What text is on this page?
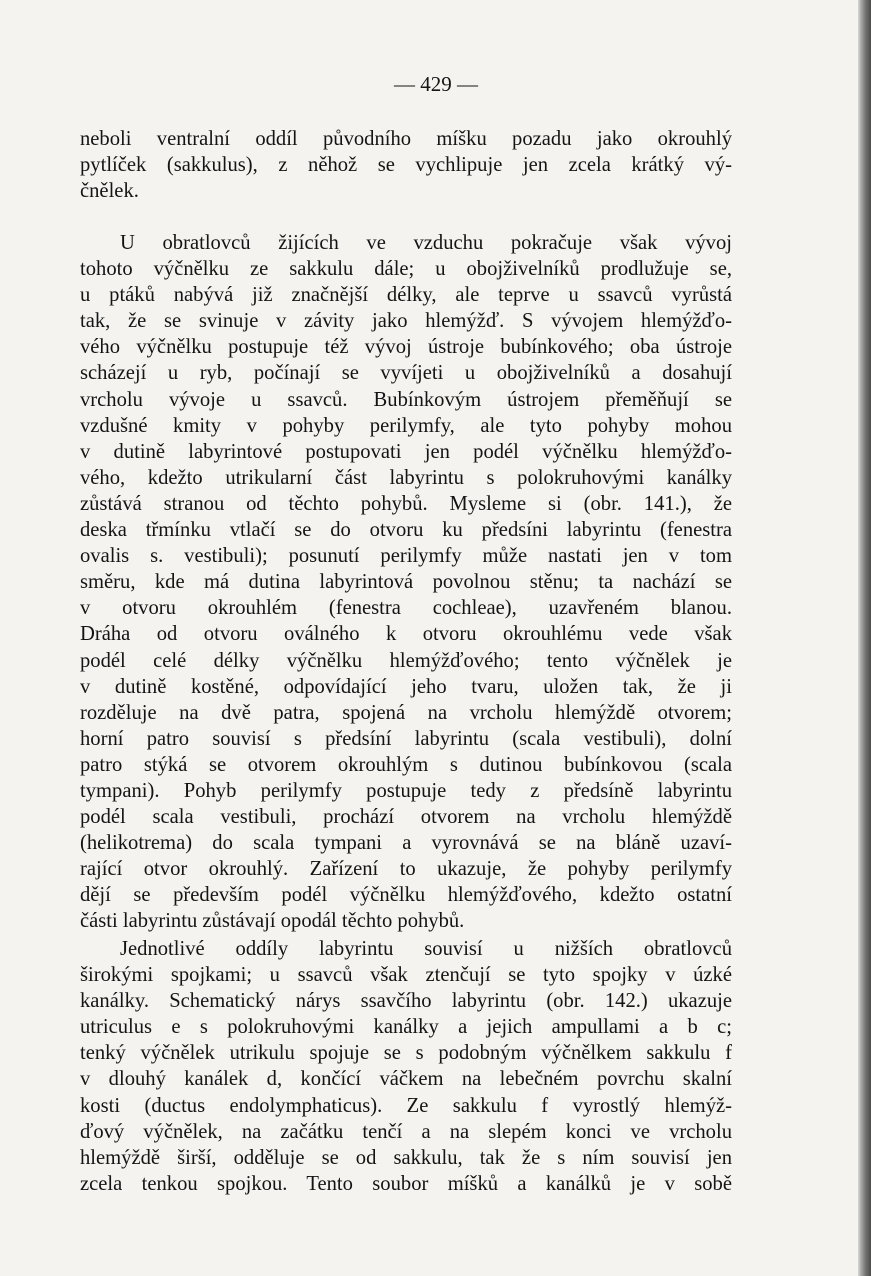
— 429 —
neboli ventralní oddíl původního míšku pozadu jako okrouhlý
pytlíček (sakkulus), z něhož se vychlipuje jen zcela krátký vý-
čnělek.
U obratlovců žijících ve vzduchu pokračuje však vývoj
tohoto výčnělku ze sakkulu dále; u obojživelníků prodlužuje se,
u ptáků nabývá již značnější délky, ale teprve u ssavců vyrůstá
tak, že se svinuje v závity jako hlemýžď. S vývojem hlemýžďo-
vého výčnělku postupuje též vývoj ústroje bubínkového; oba ústroje
scházejí u ryb, počínají se vyvíjeti u obojživelníků a dosahují
vrcholu vývoje u ssavců. Bubínkovým ústrojem přeměňují se
vzdušné kmity v pohyby perilymfy, ale tyto pohyby mohou
v dutině labyrintové postupovati jen podél výčnělku hlemýžďo-
vého, kdežto utrikularní část labyrintu s polokruhovými kanálky
zůstává stranou od těchto pohybů. Mysleme si (obr. 141.), že
deska třmínku vtlačí se do otvoru ku předsíni labyrintu (fenestra
ovalis s. vestibuli); posunutí perilymfy může nastati jen v tom
směru, kde má dutina labyrintová povolnou stěnu; ta nachází se
v otvoru okrouhlém (fenestra cochleae), uzavřeném blanou.
Dráha od otvoru oválného k otvoru okrouhlému vede však
podél celé délky výčnělku hlemýžďového; tento výčnělek je
v dutině kostěné, odpovídající jeho tvaru, uložen tak, že ji
rozděluje na dvě patra, spojená na vrcholu hlemýždě otvorem;
horní patro souvisí s předsíní labyrintu (scala vestibuli), dolní
patro stýká se otvorem okrouhlým s dutinou bubínkovou (scala
tympani). Pohyb perilymfy postupuje tedy z předsíně labyrintu
podél scala vestibuli, prochází otvorem na vrcholu hlemýždě
(helikotrema) do scala tympani a vyrovnává se na bláně uzaví-
rající otvor okrouhlý. Zařízení to ukazuje, že pohyby perilymfy
dějí se především podél výčnělku hlemýžďového, kdežto ostatní
části labyrintu zůstávají opodál těchto pohybů.
Jednotlivé oddíly labyrintu souvisí u nižších obratlovců
širokými spojkami; u ssavců však ztenčují se tyto spojky v úzké
kanálky. Schematický nárys ssavčího labyrintu (obr. 142.) ukazuje
utriculus e s polokruhovými kanálky a jejich ampullami a b c;
tenký výčnělek utrikulu spojuje se s podobným výčnělkem sakkulu f
v dlouhý kanálek d, končící váčkem na lebečném povrchu skalní
kosti (ductus endolymphaticus). Ze sakkulu f vyrostlý hlemýž-
ďový výčnělek, na začátku tenčí a na slepém konci ve vrcholu
hlemýždě širší, odděluje se od sakkulu, tak že s ním souvisí jen
zcela tenkou spojkou. Tento soubor míšků a kanálků je v sobě
